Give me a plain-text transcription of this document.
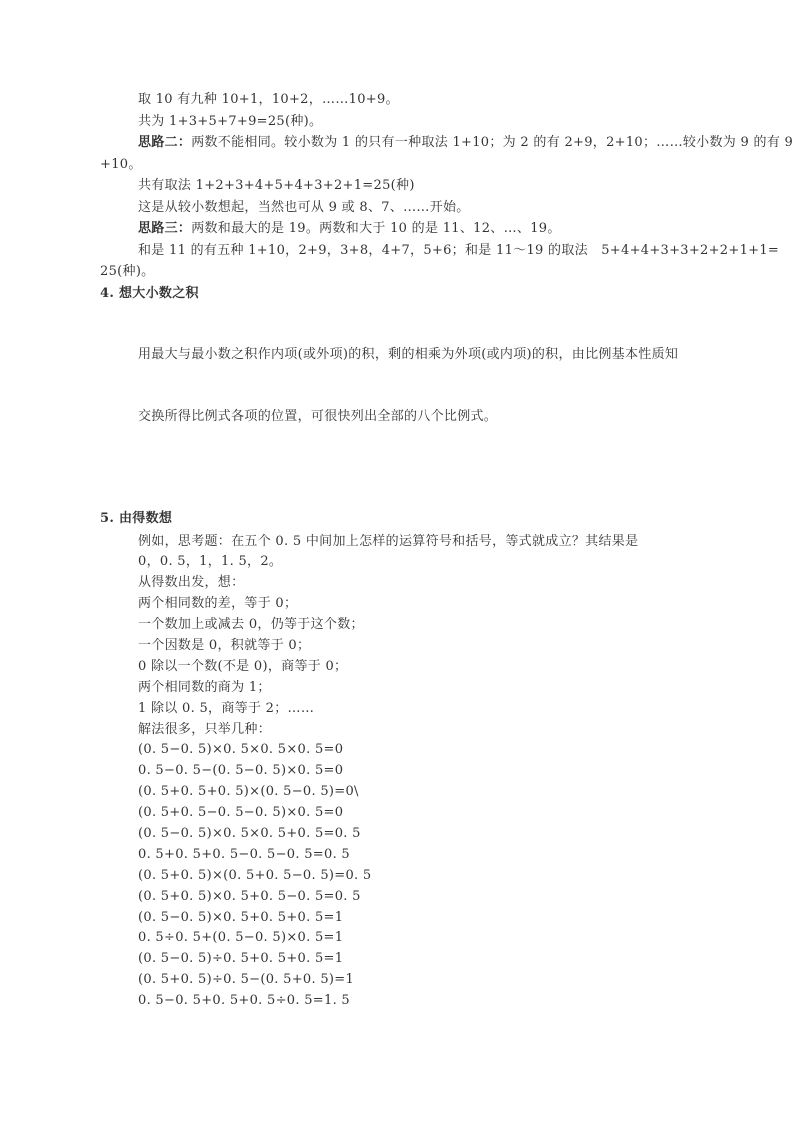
取 10 有九种 10+1，10+2，……10+9。
共为 1+3+5+7+9=25(种)。
思路二：两数不能相同。较小数为 1 的只有一种取法 1+10；为 2 的有 2+9，2+10；……较小数为 9 的有 9
+10。
共有取法 1+2+3+4+5+4+3+2+1=25(种)
这是从较小数想起，当然也可从 9 或 8、7、……开始。
思路三：两数和最大的是 19。两数和大于 10 的是 11、12、…、19。
和是 11 的有五种 1+10，2+9，3+8，4+7，5+6；和是 11～19 的取法　5+4+4+3+3+2+2+1+1=
25(种)。
4. 想大小数之积
用最大与最小数之积作内项(或外项)的积，剩的相乘为外项(或内项)的积，由比例基本性质知
交换所得比例式各项的位置，可很快列出全部的八个比例式。
5. 由得数想
例如，思考题：在五个 0. 5 中间加上怎样的运算符号和括号，等式就成立？其结果是
0，0. 5，1，1. 5，2。
从得数出发，想：
两个相同数的差，等于 0；
一个数加上或减去 0，仍等于这个数；
一个因数是 0，积就等于 0；
0 除以一个数(不是 0)，商等于 0；
两个相同数的商为 1；
1 除以 0. 5，商等于 2；……
解法很多，只举几种：
(0. 5−0. 5)×0. 5×0. 5×0. 5=0
0. 5−0. 5−(0. 5−0. 5)×0. 5=0
(0. 5+0. 5+0. 5)×(0. 5−0. 5)=0\
(0. 5+0. 5−0. 5−0. 5)×0. 5=0
(0. 5−0. 5)×0. 5×0. 5+0. 5=0. 5
0. 5+0. 5+0. 5−0. 5−0. 5=0. 5
(0. 5+0. 5)×(0. 5+0. 5−0. 5)=0. 5
(0. 5+0. 5)×0. 5+0. 5−0. 5=0. 5
(0. 5−0. 5)×0. 5+0. 5+0. 5=1
0. 5÷0. 5+(0. 5−0. 5)×0. 5=1
(0. 5−0. 5)÷0. 5+0. 5+0. 5=1
(0. 5+0. 5)÷0. 5−(0. 5+0. 5)=1
0. 5−0. 5+0. 5+0. 5÷0. 5=1. 5
